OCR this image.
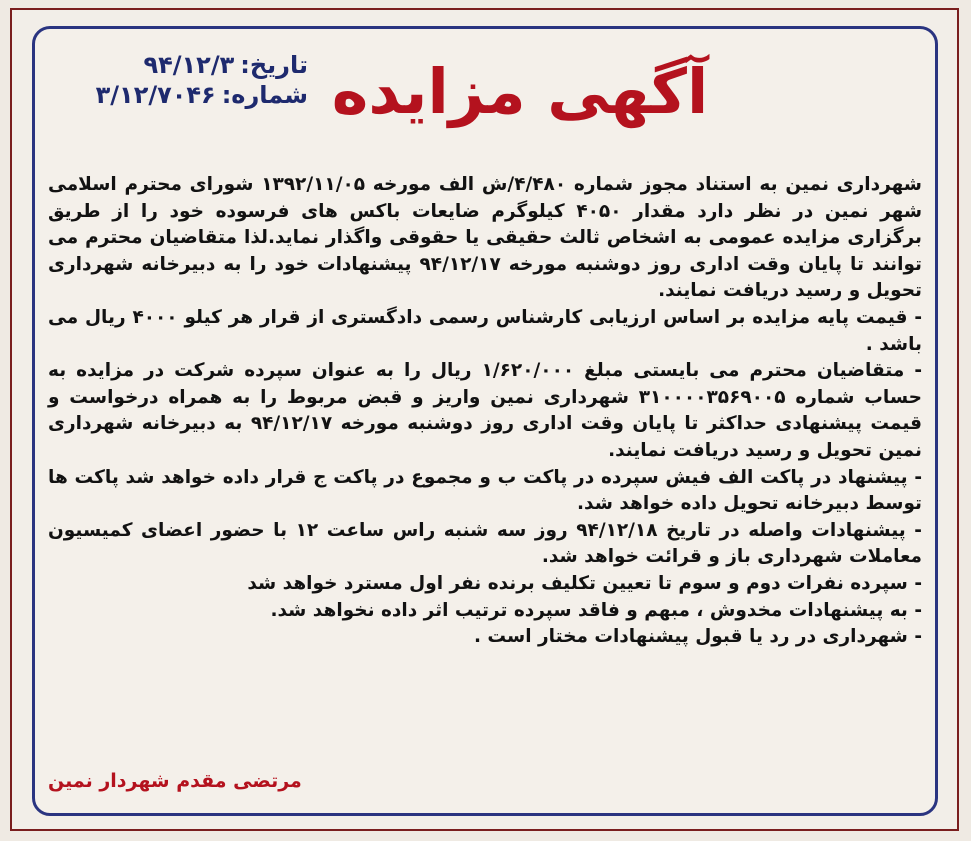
تاریخ:۹۴/۱۲/۳
شماره:۳/۱۲/۷۰۴۶	آگهی مزایده

شهرداری نمین به استناد مجوز شماره ۴/۴۸۰/ش الف مورخه ۱۳۹۲/۱۱/۰۵ شورای محترم اسلامی شهر نمین در نظر دارد مقدار ۴۰۵۰ کیلوگرم ضایعات باکس های فرسوده خود را از طریق برگزاری مزایده عمومی به اشخاص ثالث حقیقی یا حقوقی واگذار نماید.لذا متقاضیان محترم می توانند تا پایان وقت اداری روز دوشنبه مورخه ۹۴/۱۲/۱۷ پیشنهادات خود را به دبیرخانه شهرداری تحویل و رسید دریافت نمایند.

- قیمت پایه مزایده بر اساس ارزیابی کارشناس رسمی دادگستری از قرار هر کیلو ۴۰۰۰ ریال می باشد .

- متقاضیان محترم می بایستی مبلغ ۱/۶۲۰/۰۰۰ ریال را به عنوان سپرده شرکت در مزایده به حساب شماره ۳۱۰۰۰۰۳۵۶۹۰۰۵ شهرداری نمین واریز و قبض مربوط را به همراه درخواست و قیمت پیشنهادی حداکثر تا پایان وقت اداری روز دوشنبه مورخه ۹۴/۱۲/۱۷ به دبیرخانه شهرداری نمین تحویل و رسید دریافت نمایند.

- پیشنهاد در پاکت الف فیش سپرده در پاکت ب و مجموع در پاکت ج قرار داده خواهد شد پاکت ها توسط دبیرخانه تحویل داده خواهد شد.

- پیشنهادات واصله در تاریخ ۹۴/۱۲/۱۸ روز سه شنبه راس ساعت ۱۲ با حضور اعضای کمیسیون معاملات شهرداری باز و قرائت خواهد شد.

- سپرده نفرات دوم و سوم تا تعیین تکلیف برنده نفر اول مسترد خواهد شد

- به پیشنهادات مخدوش ، مبهم و فاقد سپرده ترتیب اثر داده نخواهد شد.

- شهرداری در رد یا قبول پیشنهادات مختار است .

مرتضی مقدم شهردار نمین
